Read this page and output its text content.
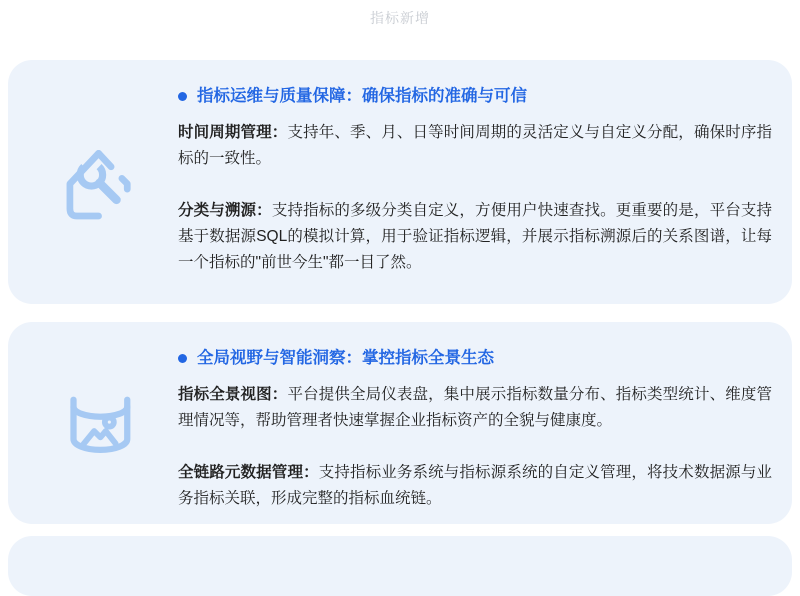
指标新增
指标运维与质量保障：确保指标的准确与可信

时间周期管理：支持年、季、月、日等时间周期的灵活定义与自定义分配，确保时序指标的一致性。

分类与溯源：支持指标的多级分类自定义，方便用户快速查找。更重要的是，平台支持基于数据源SQL的模拟计算，用于验证指标逻辑，并展示指标溯源后的关系图谱，让每一个指标的"前世今生"都一目了然。

全局视野与智能洞察：掌控指标全景生态

指标全景视图：平台提供全局仪表盘，集中展示指标数量分布、指标类型统计、维度管理情况等，帮助管理者快速掌握企业指标资产的全貌与健康度。

全链路元数据管理：支持指标业务系统与指标源系统的自定义管理，将技术数据源与业务指标关联，形成完整的指标血统链。
